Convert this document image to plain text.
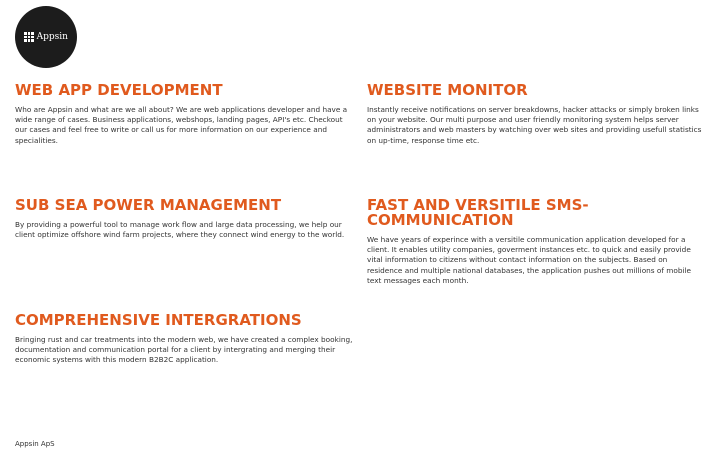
Appsin
WEB APP DEVELOPMENT

Who are Appsin and what are we all about? We are web applications developer and have a wide range of cases. Business applications, webshops, landing pages, API's etc. Checkout our cases and feel free to write or call us for more information on our experience and specialities.

WEBSITE MONITOR

Instantly receive notifications on server breakdowns, hacker attacks or simply broken links on your website. Our multi purpose and user friendly monitoring system helps server administrators and web masters by watching over web sites and providing usefull statistics on up-time, response time etc.

SUB SEA POWER MANAGEMENT

By providing a powerful tool to manage work flow and large data processing, we help our client optimize offshore wind farm projects, where they connect wind energy to the world.

FAST AND VERSITILE SMS-COMMUNICATION

We have years of experince with a versitile communication application developed for a client. It enables utility companies, goverment instances etc. to quick and easily provide vital information to citizens without contact information on the subjects. Based on residence and multiple national databases, the application pushes out millions of mobile text messages each month.

COMPREHENSIVE INTERGRATIONS

Bringing rust and car treatments into the modern web, we have created a complex booking, documentation and communication portal for a client by intergrating and merging their economic systems with this modern B2B2C application.

Appsin ApS
